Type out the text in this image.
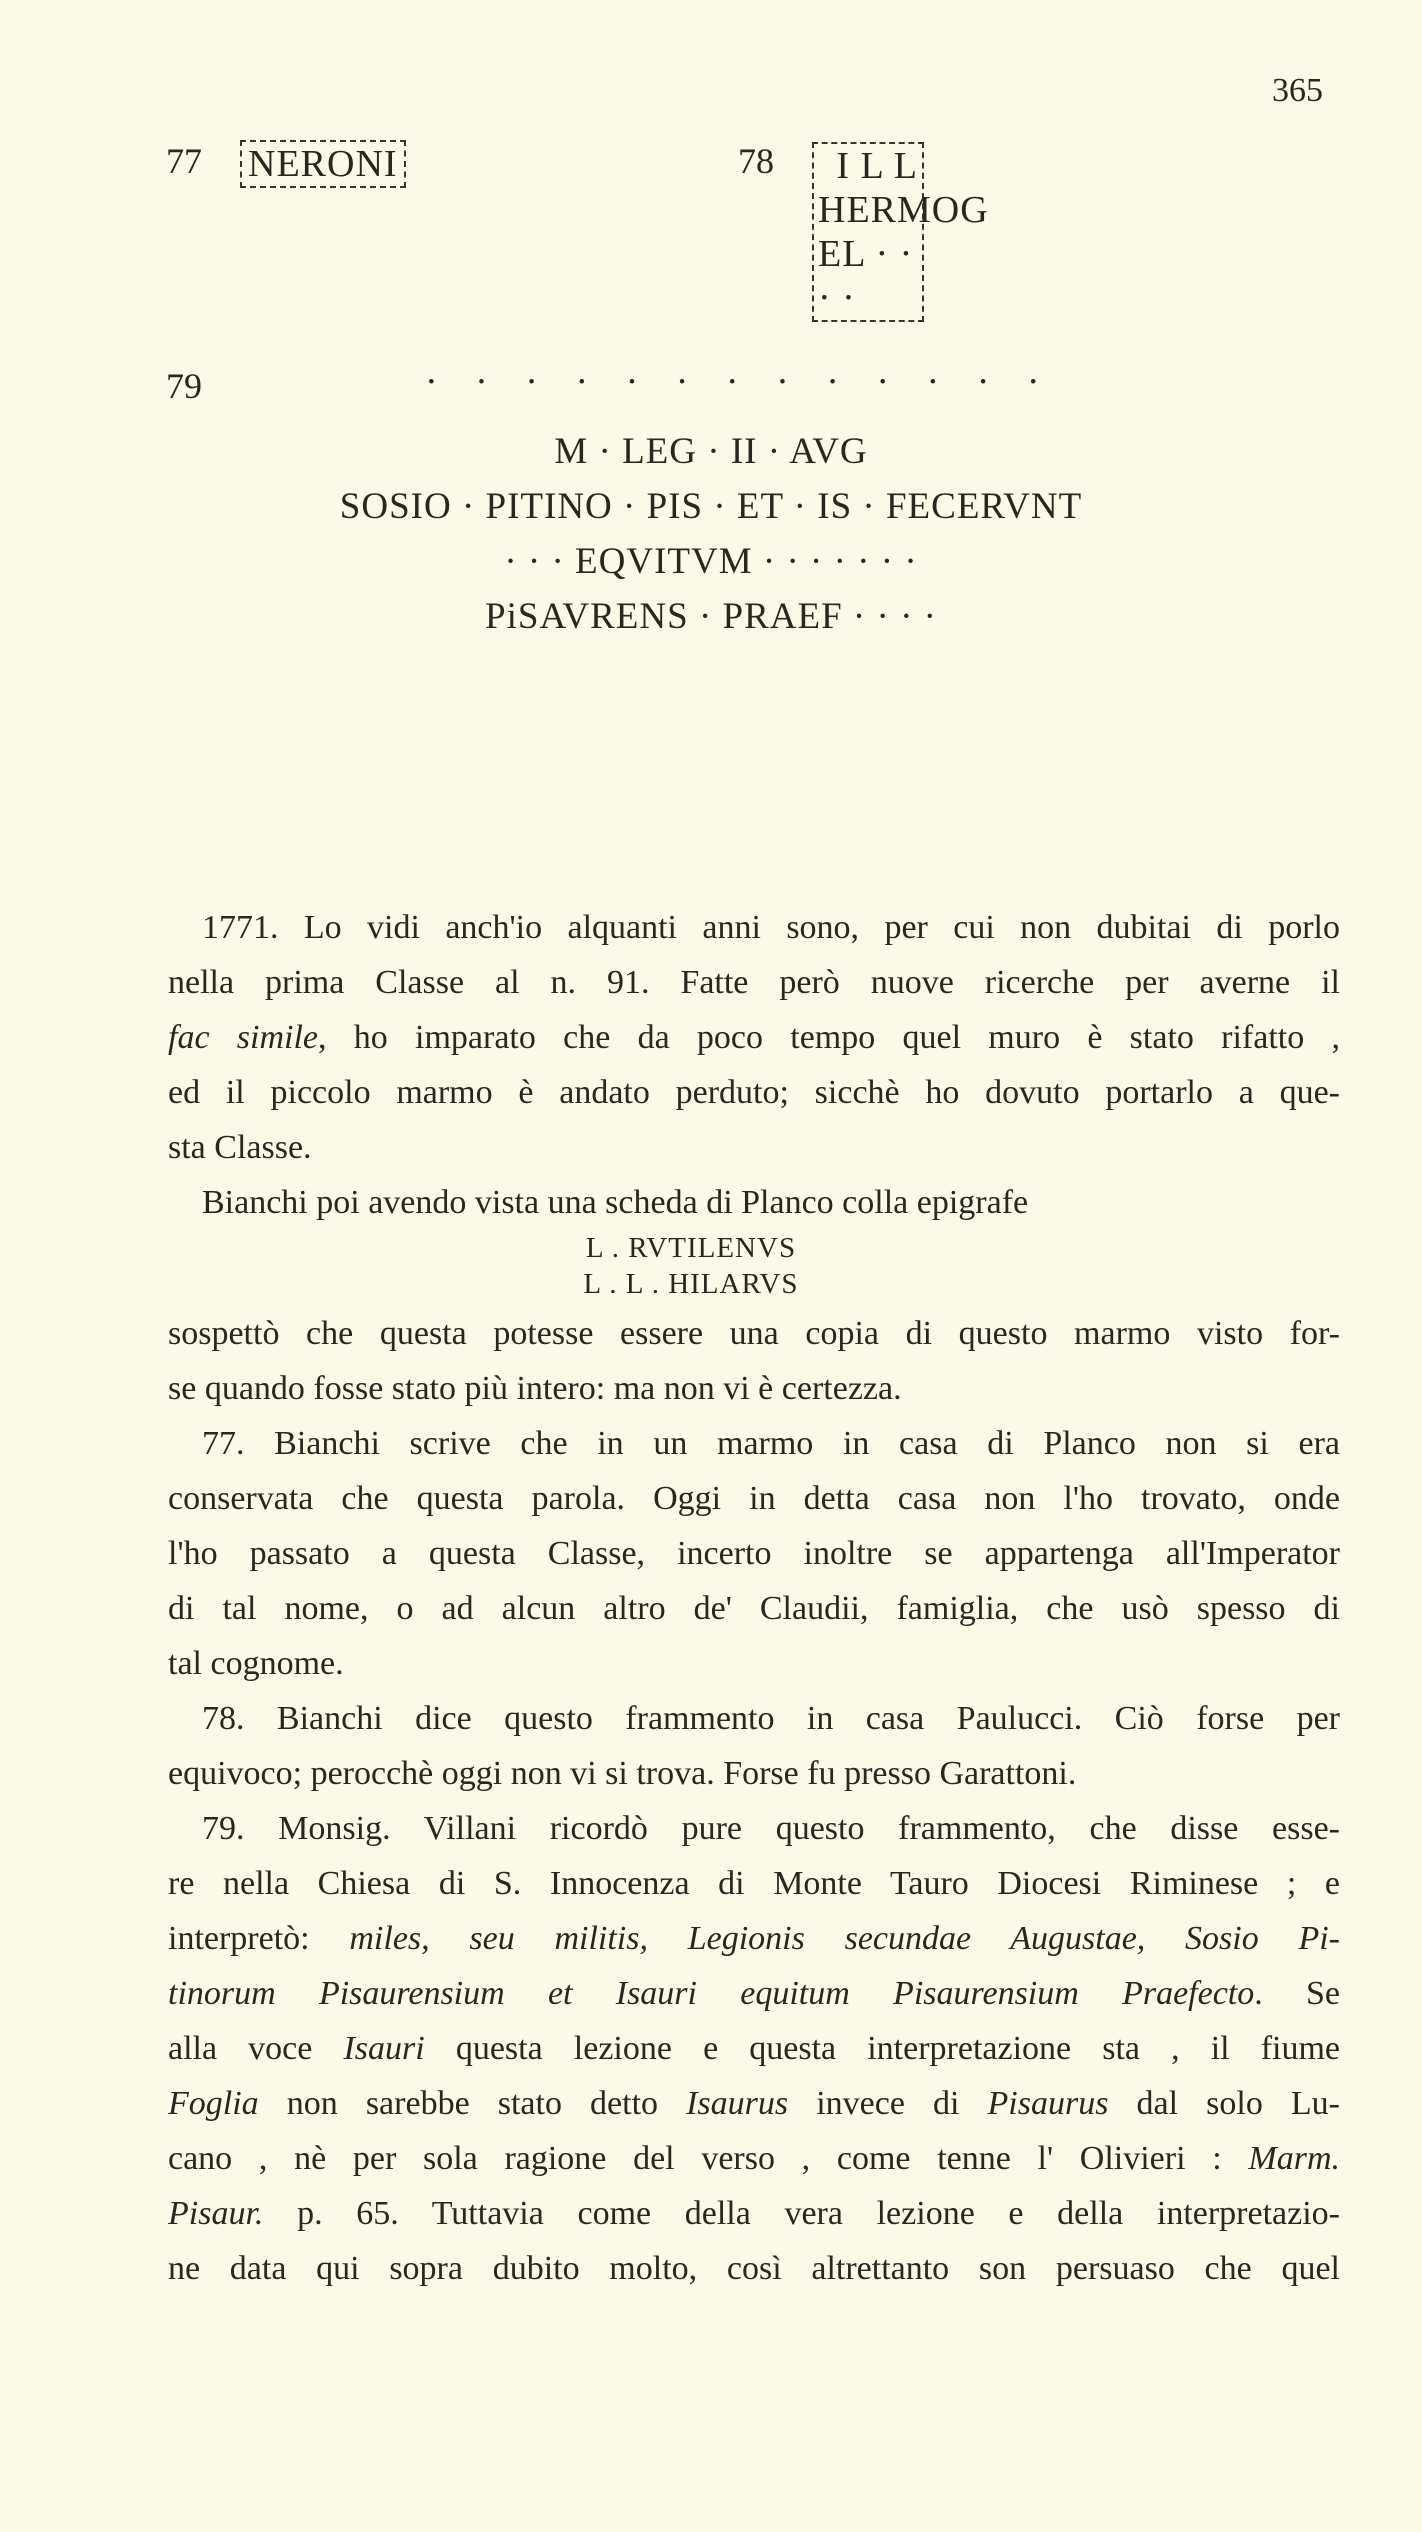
365
77 NERONI	78	I L L
HERMOG
EL · · · ·
79	· · · · · · · · · · · · ·
M · LEG · II · AVG
SOSIO · PITINO · PIS · ET · IS · FECERVNT
· · · EQVITVM · · · · · · ·
PiSAVRENS · PRAEF · · · ·
1771. Lo vidi anch'io alquanti anni sono, per cui non dubitai di porlo
nella prima Classe al n. 91. Fatte però nuove ricerche per averne il
fac simile, ho imparato che da poco tempo quel muro è stato rifatto ,
ed il piccolo marmo è andato perduto; sicchè ho dovuto portarlo a que-
sta Classe.
Bianchi poi avendo vista una scheda di Planco colla epigrafe
L . RVTILENVS
L . L . HILARVS
sospettò che questa potesse essere una copia di questo marmo visto for-
se quando fosse stato più intero: ma non vi è certezza.
77. Bianchi scrive che in un marmo in casa di Planco non si era
conservata che questa parola. Oggi in detta casa non l'ho trovato, onde
l'ho passato a questa Classe, incerto inoltre se appartenga all'Imperator
di tal nome, o ad alcun altro de' Claudii, famiglia, che usò spesso di
tal cognome.
78. Bianchi dice questo frammento in casa Paulucci. Ciò forse per
equivoco; perocchè oggi non vi si trova. Forse fu presso Garattoni.
79. Monsig. Villani ricordò pure questo frammento, che disse esse-
re nella Chiesa di S. Innocenza di Monte Tauro Diocesi Riminese ; e
interpretò: miles, seu militis, Legionis secundae Augustae, Sosio Pi-
tinorum Pisaurensium et Isauri equitum Pisaurensium Praefecto. Se
alla voce Isauri questa lezione e questa interpretazione sta , il fiume
Foglia non sarebbe stato detto Isaurus invece di Pisaurus dal solo Lu-
cano , nè per sola ragione del verso , come tenne l' Olivieri : Marm.
Pisaur. p. 65. Tuttavia come della vera lezione e della interpretazio-
ne data qui sopra dubito molto, così altrettanto son persuaso che quel
